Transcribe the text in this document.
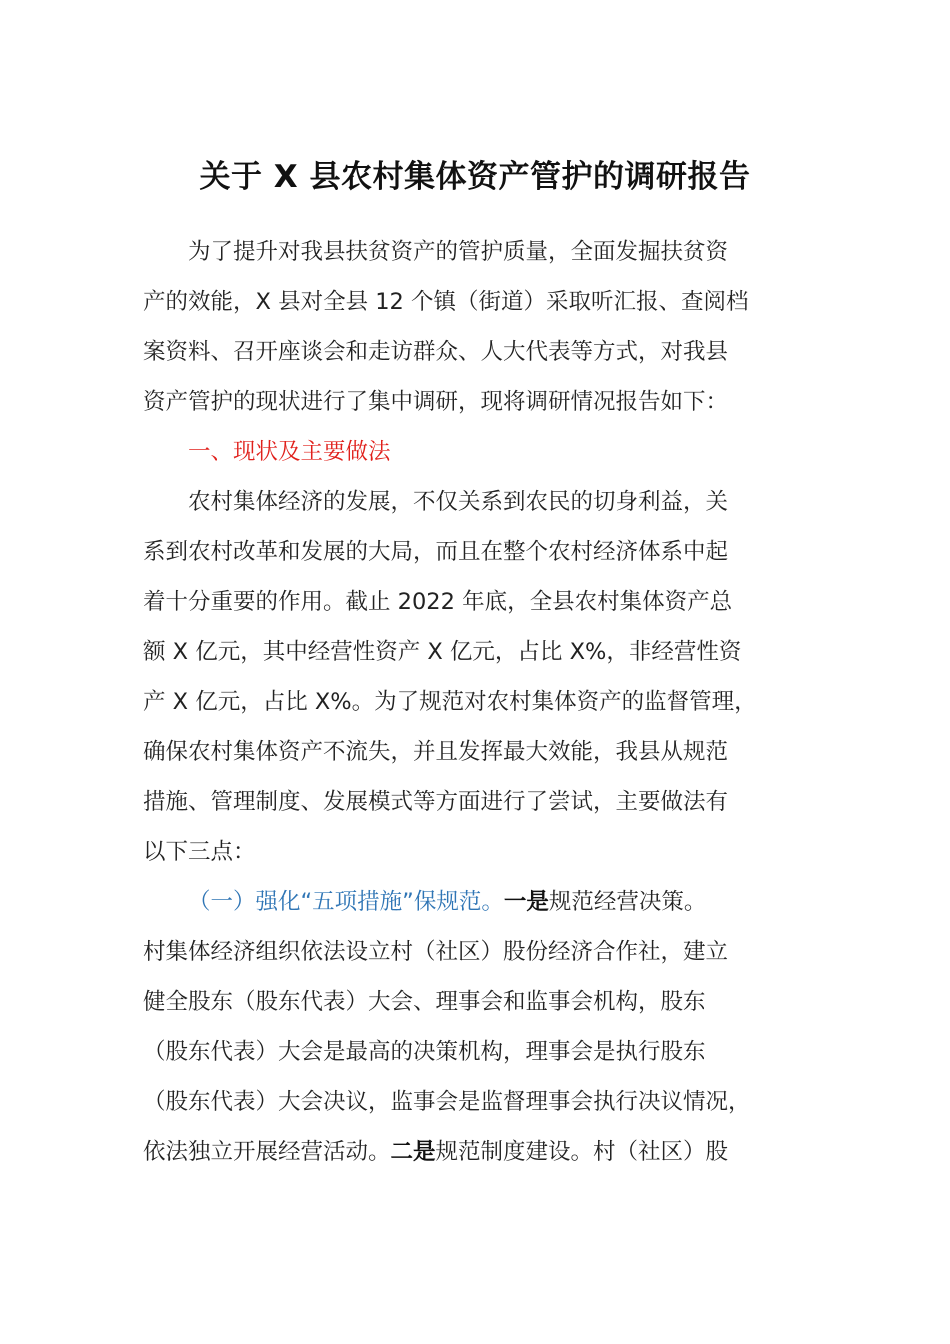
关于 X 县农村集体资产管护的调研报告

为了提升对我县扶贫资产的管护质量，全面发掘扶贫资
产的效能，X 县对全县 12 个镇（街道）采取听汇报、查阅档
案资料、召开座谈会和走访群众、人大代表等方式，对我县
资产管护的现状进行了集中调研，现将调研情况报告如下：

一、现状及主要做法

农村集体经济的发展，不仅关系到农民的切身利益，关
系到农村改革和发展的大局，而且在整个农村经济体系中起
着十分重要的作用。截止 2022 年底，全县农村集体资产总
额 X 亿元，其中经营性资产 X 亿元，占比 X%，非经营性资
产 X 亿元，占比 X%。为了规范对农村集体资产的监督管理，
确保农村集体资产不流失，并且发挥最大效能，我县从规范
措施、管理制度、发展模式等方面进行了尝试，主要做法有
以下三点：

（一）强化“五项措施”保规范。一是规范经营决策。
村集体经济组织依法设立村（社区）股份经济合作社，建立
健全股东（股东代表）大会、理事会和监事会机构，股东
（股东代表）大会是最高的决策机构，理事会是执行股东
（股东代表）大会决议，监事会是监督理事会执行决议情况，
依法独立开展经营活动。二是规范制度建设。村（社区）股
